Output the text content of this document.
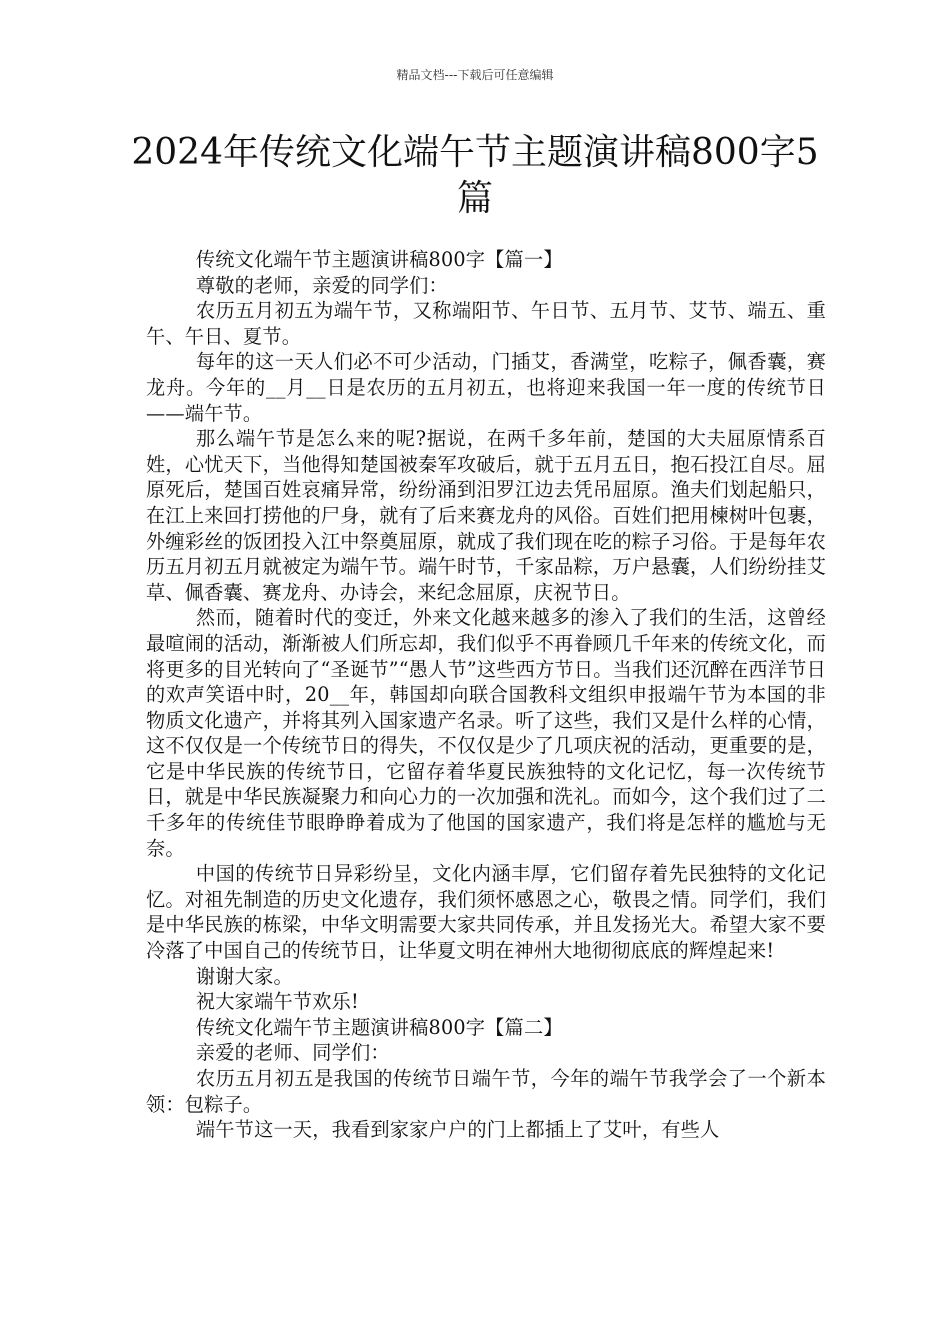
精品文档---下载后可任意编辑
2024年传统文化端午节主题演讲稿800字5篇

传统文化端午节主题演讲稿800字【篇一】

尊敬的老师，亲爱的同学们：

农历五月初五为端午节，又称端阳节、午日节、五月节、艾节、端五、重午、午日、夏节。

每年的这一天人们必不可少活动，门插艾，香满堂，吃粽子，佩香囊，赛龙舟。今年的__月__日是农历的五月初五，也将迎来我国一年一度的传统节日——端午节。

那么端午节是怎么来的呢?据说，在两千多年前，楚国的大夫屈原情系百姓，心忧天下，当他得知楚国被秦军攻破后，就于五月五日，抱石投江自尽。屈原死后，楚国百姓哀痛异常，纷纷涌到汨罗江边去凭吊屈原。渔夫们划起船只，在江上来回打捞他的尸身，就有了后来赛龙舟的风俗。百姓们把用楝树叶包裹，外缠彩丝的饭团投入江中祭奠屈原，就成了我们现在吃的粽子习俗。于是每年农历五月初五月就被定为端午节。端午时节，千家品粽，万户悬囊，人们纷纷挂艾草、佩香囊、赛龙舟、办诗会，来纪念屈原，庆祝节日。

然而，随着时代的变迁，外来文化越来越多的渗入了我们的生活，这曾经最喧闹的活动，渐渐被人们所忘却，我们似乎不再眷顾几千年来的传统文化，而将更多的目光转向了“圣诞节”“愚人节”这些西方节日。当我们还沉醉在西洋节日的欢声笑语中时，20__年，韩国却向联合国教科文组织申报端午节为本国的非物质文化遗产，并将其列入国家遗产名录。听了这些，我们又是什么样的心情，这不仅仅是一个传统节日的得失，不仅仅是少了几项庆祝的活动，更重要的是，它是中华民族的传统节日，它留存着华夏民族独特的文化记忆，每一次传统节日，就是中华民族凝聚力和向心力的一次加强和洗礼。而如今，这个我们过了二千多年的传统佳节眼睁睁着成为了他国的国家遗产，我们将是怎样的尴尬与无奈。

中国的传统节日异彩纷呈，文化内涵丰厚，它们留存着先民独特的文化记忆。对祖先制造的历史文化遗存，我们须怀感恩之心，敬畏之情。同学们，我们是中华民族的栋梁，中华文明需要大家共同传承，并且发扬光大。希望大家不要冷落了中国自己的传统节日，让华夏文明在神州大地彻彻底底的辉煌起来!

谢谢大家。

祝大家端午节欢乐!

传统文化端午节主题演讲稿800字【篇二】

亲爱的老师、同学们：

农历五月初五是我国的传统节日端午节，今年的端午节我学会了一个新本领：包粽子。

端午节这一天，我看到家家户户的门上都插上了艾叶，有些人
